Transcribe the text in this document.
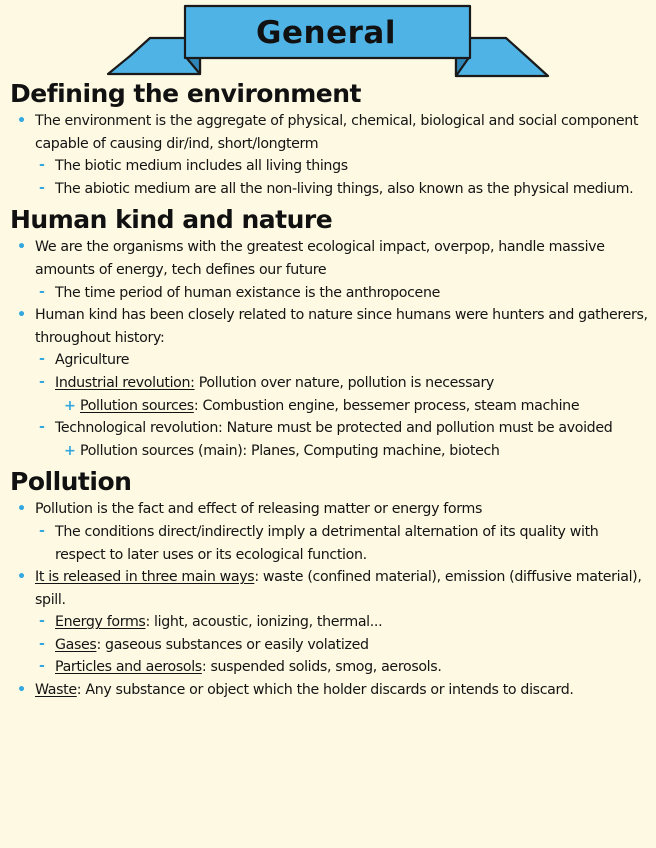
General
Defining the environment
• The environment is the aggregate of physical, chemical, biological and social component capable of causing dir/ind, short/longterm
- The biotic medium includes all living things
- The abiotic medium are all the non-living things, also known as the physical medium.
Human kind and nature
• We are the organisms with the greatest ecological impact, overpop, handle massive amounts of energy, tech defines our future
- The time period of human existance is the anthropocene
• Human kind has been closely related to nature since humans were hunters and gatherers, throughout history:
- Agriculture
- Industrial revolution: Pollution over nature, pollution is necessary
+ Pollution sources: Combustion engine, bessemer process, steam machine
- Technological revolution: Nature must be protected and pollution must be avoided
+ Pollution sources (main): Planes, Computing machine, biotech
Pollution
• Pollution is the fact and effect of releasing matter or energy forms
- The conditions direct/indirectly imply a detrimental alternation of its quality with respect to later uses or its ecological function.
• It is released in three main ways: waste (confined material), emission (diffusive material), spill.
- Energy forms: light, acoustic, ionizing, thermal...
- Gases: gaseous substances or easily volatized
- Particles and aerosols: suspended solids, smog, aerosols.
• Waste: Any substance or object which the holder discards or intends to discard.
